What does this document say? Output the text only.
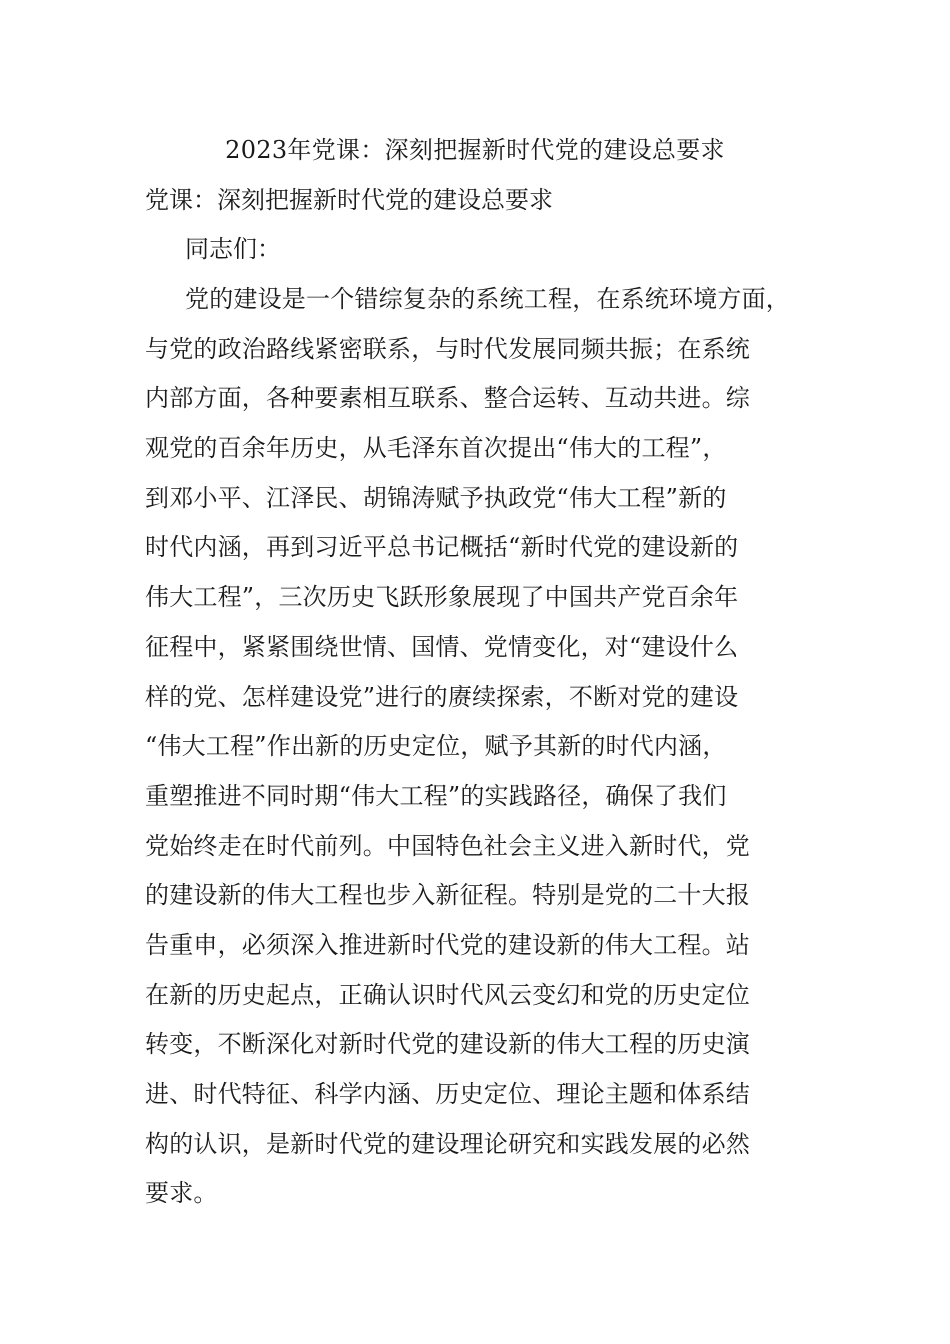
2023年党课：深刻把握新时代党的建设总要求
党课：深刻把握新时代党的建设总要求
同志们：
党的建设是一个错综复杂的系统工程，在系统环境方面，
与党的政治路线紧密联系，与时代发展同频共振；在系统
内部方面，各种要素相互联系、整合运转、互动共进。综
观党的百余年历史，从毛泽东首次提出“伟大的工程”，
到邓小平、江泽民、胡锦涛赋予执政党“伟大工程”新的
时代内涵，再到习近平总书记概括“新时代党的建设新的
伟大工程”，三次历史飞跃形象展现了中国共产党百余年
征程中，紧紧围绕世情、国情、党情变化，对“建设什么
样的党、怎样建设党”进行的赓续探索，不断对党的建设
“伟大工程”作出新的历史定位，赋予其新的时代内涵，
重塑推进不同时期“伟大工程”的实践路径，确保了我们
党始终走在时代前列。中国特色社会主义进入新时代，党
的建设新的伟大工程也步入新征程。特别是党的二十大报
告重申，必须深入推进新时代党的建设新的伟大工程。站
在新的历史起点，正确认识时代风云变幻和党的历史定位
转变，不断深化对新时代党的建设新的伟大工程的历史演
进、时代特征、科学内涵、历史定位、理论主题和体系结
构的认识，是新时代党的建设理论研究和实践发展的必然
要求。
